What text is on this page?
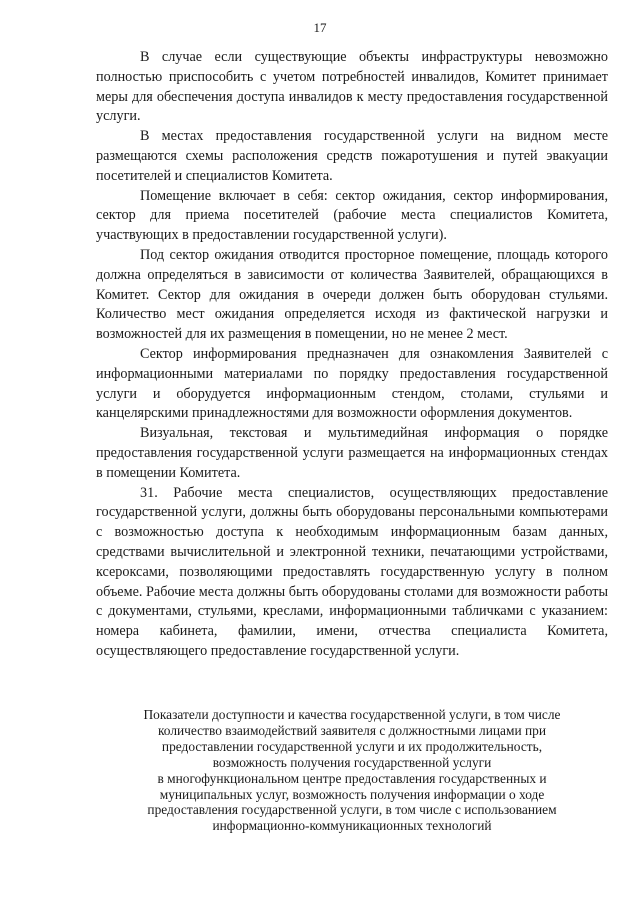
17

В случае если существующие объекты инфраструктуры невозможно полностью приспособить с учетом потребностей инвалидов, Комитет принимает меры для обеспечения доступа инвалидов к месту предоставления государственной услуги.

В местах предоставления государственной услуги на видном месте размещаются схемы расположения средств пожаротушения и путей эвакуации посетителей и специалистов Комитета.

Помещение включает в себя: сектор ожидания, сектор информирования, сектор для приема посетителей (рабочие места специалистов Комитета, участвующих в предоставлении государственной услуги).

Под сектор ожидания отводится просторное помещение, площадь которого должна определяться в зависимости от количества Заявителей, обращающихся в Комитет. Сектор для ожидания в очереди должен быть оборудован стульями. Количество мест ожидания определяется исходя из фактической нагрузки и возможностей для их размещения в помещении, но не менее 2 мест.

Сектор информирования предназначен для ознакомления Заявителей с информационными материалами по порядку предоставления государственной услуги и оборудуется информационным стендом, столами, стульями и канцелярскими принадлежностями для возможности оформления документов.

Визуальная, текстовая и мультимедийная информация о порядке предоставления государственной услуги размещается на информационных стендах в помещении Комитета.

31. Рабочие места специалистов, осуществляющих предоставление государственной услуги, должны быть оборудованы персональными компьютерами с возможностью доступа к необходимым информационным базам данных, средствами вычислительной и электронной техники, печатающими устройствами, ксероксами, позволяющими предоставлять государственную услугу в полном объеме. Рабочие места должны быть оборудованы столами для возможности работы с документами, стульями, креслами, информационными табличками с указанием: номера кабинета, фамилии, имени, отчества специалиста Комитета, осуществляющего предоставление государственной услуги.

Показатели доступности и качества государственной услуги, в том числе
количество взаимодействий заявителя с должностными лицами при
предоставлении государственной услуги и их продолжительность,
возможность получения государственной услуги
в многофункциональном центре предоставления государственных и
муниципальных услуг, возможность получения информации о ходе
предоставления государственной услуги, в том числе с использованием
информационно-коммуникационных технологий
